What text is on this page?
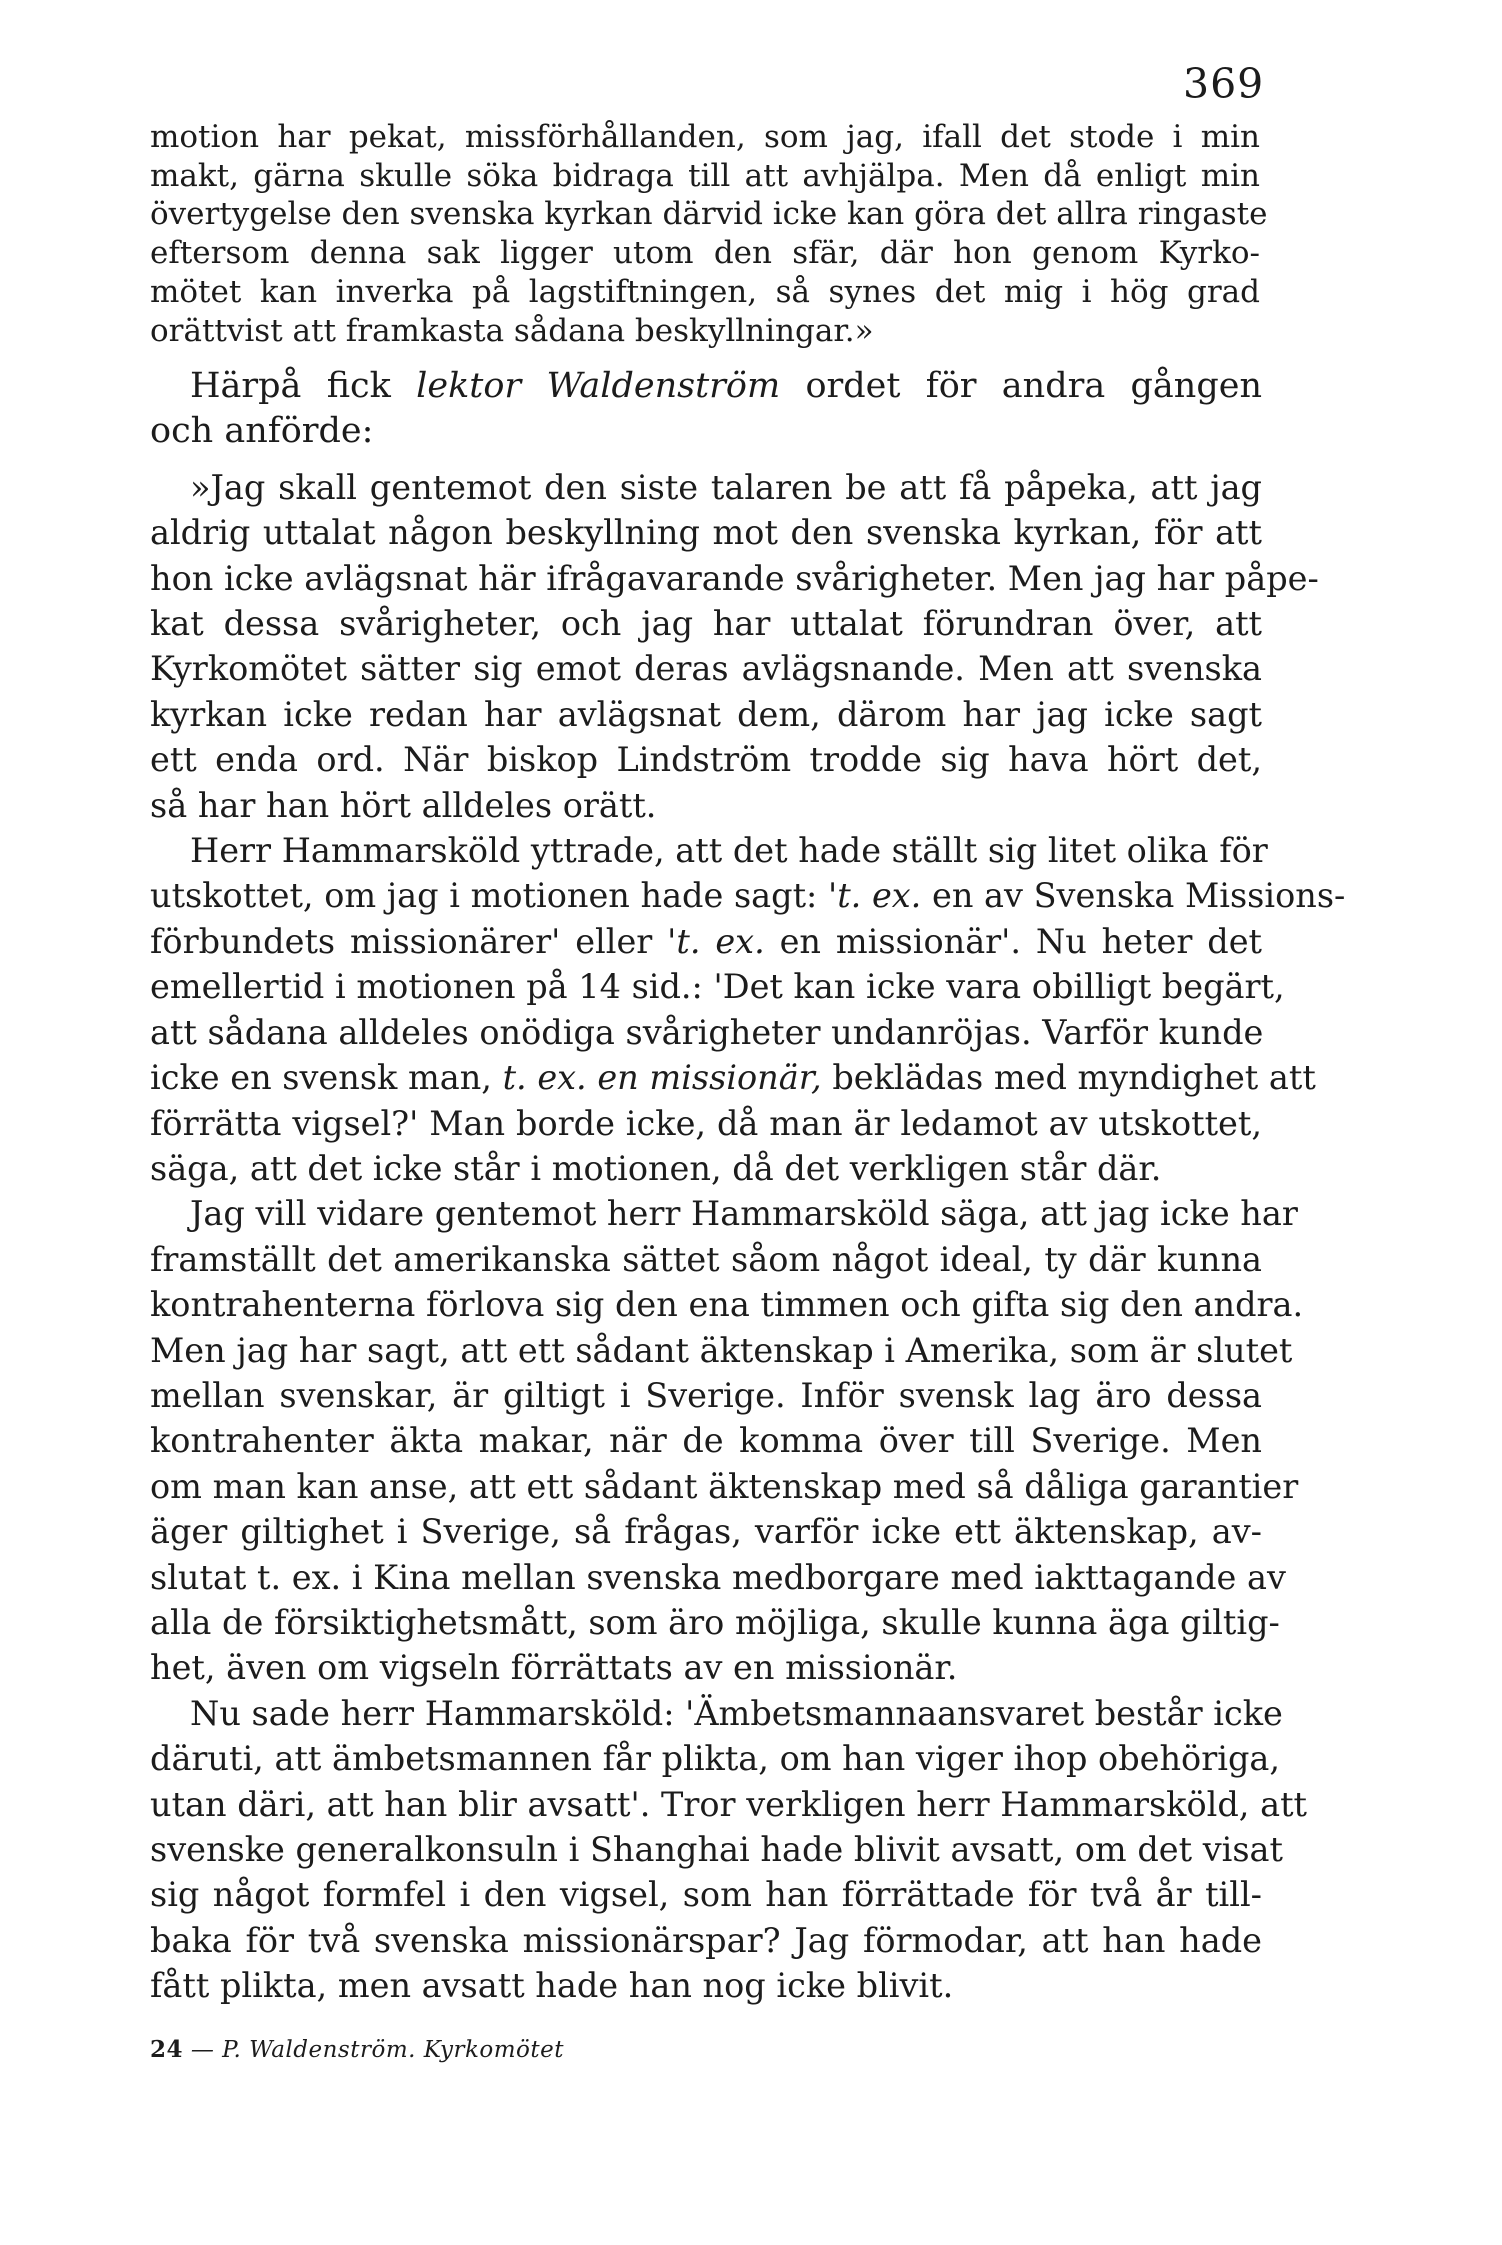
369
motion har pekat, missförhållanden, som jag, ifall det stode i min
makt, gärna skulle söka bidraga till att avhjälpa. Men då enligt min
övertygelse den svenska kyrkan därvid icke kan göra det allra ringaste
eftersom denna sak ligger utom den sfär, där hon genom Kyrko-
mötet kan inverka på lagstiftningen, så synes det mig i hög grad
orättvist att framkasta sådana beskyllningar.»
Härpå fick lektor Waldenström ordet för andra gången
och anförde:
»Jag skall gentemot den siste talaren be att få påpeka, att jag
aldrig uttalat någon beskyllning mot den svenska kyrkan, för att
hon icke avlägsnat här ifrågavarande svårigheter. Men jag har påpe-
kat dessa svårigheter, och jag har uttalat förundran över, att
Kyrkomötet sätter sig emot deras avlägsnande. Men att svenska
kyrkan icke redan har avlägsnat dem, därom har jag icke sagt
ett enda ord. När biskop Lindström trodde sig hava hört det,
så har han hört alldeles orätt.
Herr Hammarsköld yttrade, att det hade ställt sig litet olika för
utskottet, om jag i motionen hade sagt: 't. ex. en av Svenska Missions-
förbundets missionärer' eller 't. ex. en missionär'. Nu heter det
emellertid i motionen på 14 sid.: 'Det kan icke vara obilligt begärt,
att sådana alldeles onödiga svårigheter undanröjas. Varför kunde
icke en svensk man, t. ex. en missionär, beklädas med myndighet att
förrätta vigsel?' Man borde icke, då man är ledamot av utskottet,
säga, att det icke står i motionen, då det verkligen står där.
Jag vill vidare gentemot herr Hammarsköld säga, att jag icke har
framställt det amerikanska sättet såom något ideal, ty där kunna
kontrahenterna förlova sig den ena timmen och gifta sig den andra.
Men jag har sagt, att ett sådant äktenskap i Amerika, som är slutet
mellan svenskar, är giltigt i Sverige. Inför svensk lag äro dessa
kontrahenter äkta makar, när de komma över till Sverige. Men
om man kan anse, att ett sådant äktenskap med så dåliga garantier
äger giltighet i Sverige, så frågas, varför icke ett äktenskap, av-
slutat t. ex. i Kina mellan svenska medborgare med iakttagande av
alla de försiktighetsmått, som äro möjliga, skulle kunna äga giltig-
het, även om vigseln förrättats av en missionär.
Nu sade herr Hammarsköld: 'Ämbetsmannaansvaret består icke
däruti, att ämbetsmannen får plikta, om han viger ihop obehöriga,
utan däri, att han blir avsatt'. Tror verkligen herr Hammarsköld, att
svenske generalkonsuln i Shanghai hade blivit avsatt, om det visat
sig något formfel i den vigsel, som han förrättade för två år till-
baka för två svenska missionärspar? Jag förmodar, att han hade
fått plikta, men avsatt hade han nog icke blivit.
24 — P. Waldenström. Kyrkomötet
